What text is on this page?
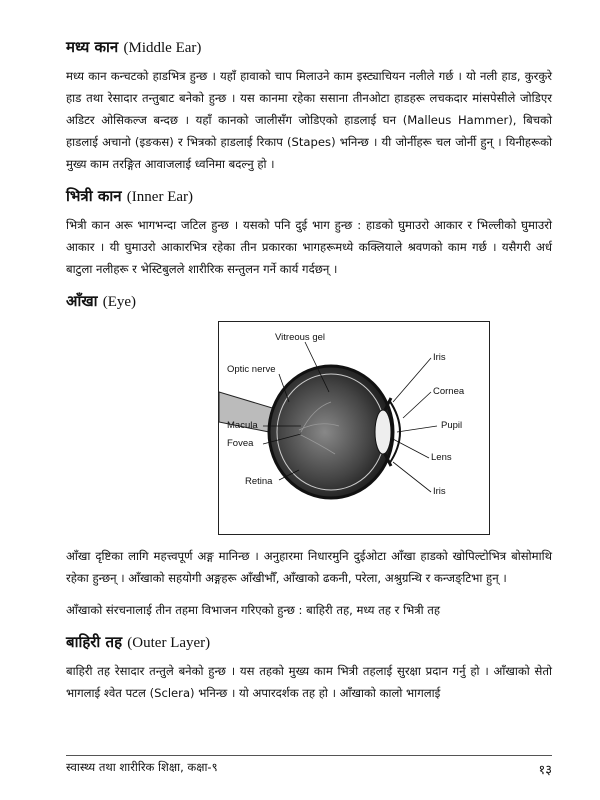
मध्य कान (Middle Ear)

मध्य कान कन्चटको हाडभित्र हुन्छ । यहाँ हावाको चाप मिलाउने काम इस्ट्याचियन नलीले गर्छ । यो नली हाड, कुरकुरे हाड तथा रेसादार तन्तुबाट बनेको हुन्छ । यस कानमा रहेका ससाना तीनओटा हाडहरू लचकदार मांसपेसीले जोडिएर अडिटर ओसिकल्ज बन्दछ । यहाँ कानको जालीसँग जोडिएको हाडलाई घन (Malleus Hammer), बिचको हाडलाई अचानो (इङकस) र भित्रको हाडलाई रिकाप (Stapes) भनिन्छ । यी जोर्नीहरू चल जोर्नी हुन् । यिनीहरूको मुख्य काम तरङ्गित आवाजलाई ध्वनिमा बदल्नु हो ।

भित्री कान (Inner Ear)

भित्री कान अरू भागभन्दा जटिल हुन्छ । यसको पनि दुई भाग हुन्छ : हाडको घुमाउरो आकार र भिल्लीको घुमाउरो आकार । यी घुमाउरो आकारभित्र रहेका तीन प्रकारका भागहरूमध्ये कक्लियाले श्रवणको काम गर्छ । यसैगरी अर्ध बाटुला नलीहरू र भेस्टिबुलले शारीरिक सन्तुलन गर्ने कार्य गर्दछन् ।

आँखा (Eye)
Vitreous gel
Optic nerve
Macula
Fovea
Retina
Iris
Cornea
Pupil
Lens
Iris

आँखा दृष्टिका लागि महत्त्वपूर्ण अङ्ग मानिन्छ । अनुहारमा निधारमुनि दुईओटा आँखा हाडको खोपिल्टोभित्र बोसोमाथि रहेका हुन्छन् । आँखाको सहयोगी अङ्गहरू आँखीभौँ, आँखाको ढकनी, परेला, अश्रुग्रन्थि र कन्जङ्टिभा हुन् ।

आँखाको संरचनालाई तीन तहमा विभाजन गरिएको हुन्छ : बाहिरी तह, मध्य तह र भित्री तह

बाहिरी तह (Outer Layer)

बाहिरी तह रेसादार तन्तुले बनेको हुन्छ । यस तहको मुख्य काम भित्री तहलाई सुरक्षा प्रदान गर्नु हो । आँखाको सेतो भागलाई श्वेत पटल (Sclera) भनिन्छ । यो अपारदर्शक तह हो । आँखाको कालो भागलाई

स्वास्थ्य तथा शारीरिक शिक्षा, कक्षा-९	१३
